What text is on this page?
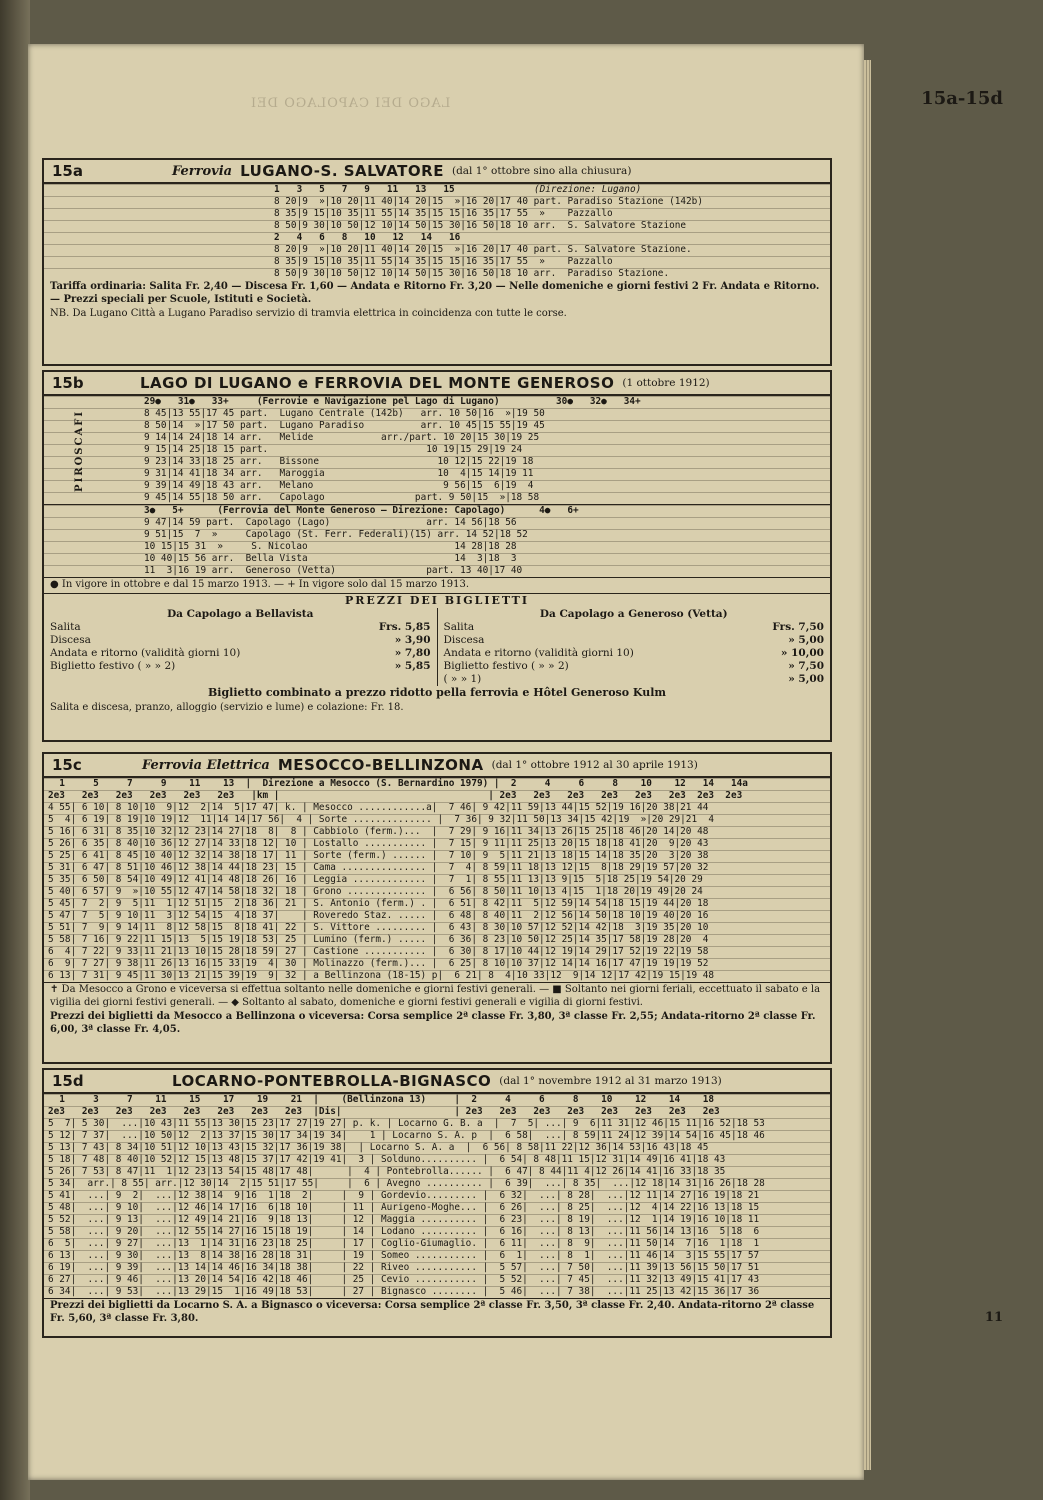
LAGO DEI CAPOLAGO DEI	15a-15d
15a	Ferrovia LUGANO-S. SALVATORE (dal 1° ottobre sino alla chiusura)
1   3   5   7   9   11   13   15	(Direzione: Lugano)
8 20|9  »|10 20|11 40|14 20|15  »|16 20|17 40 part. Paradiso Stazione (142b)
8 35|9 15|10 35|11 55|14 35|15 15|16 35|17 55  »    Pazzallo
8 50|9 30|10 50|12 10|14 50|15 30|16 50|18 10 arr.  S. Salvatore Stazione
2   4   6   8   10   12   14   16
8 20|9  »|10 20|11 40|14 20|15  »|16 20|17 40 part. S. Salvatore Stazione.
8 35|9 15|10 35|11 55|14 35|15 15|16 35|17 55  »    Pazzallo
8 50|9 30|10 50|12 10|14 50|15 30|16 50|18 10 arr.  Paradiso Stazione.
Tariffa ordinaria: Salita Fr. 2,40 — Discesa Fr. 1,60 — Andata e Ritorno Fr. 3,20 — Nelle domeniche e giorni festivi 2 Fr. Andata e Ritorno. — Prezzi speciali per Scuole, Istituti e Società.
NB. Da Lugano Città a Lugano Paradiso servizio di tramvia elettrica in coincidenza con tutte le corse.
15b	LAGO DI LUGANO e FERROVIA DEL MONTE GENEROSO (1 ottobre 1912)
29●   31●   33+     (Ferrovie e Navigazione pel Lago di Lugano)          30●   32●   34+
8 45|13 55|17 45 part.  Lugano Centrale (142b)   arr. 10 50|16  »|19 50
8 50|14  »|17 50 part.  Lugano Paradiso          arr. 10 45|15 55|19 45
9 14|14 24|18 14 arr.   Melide            arr./part. 10 20|15 30|19 25
9 15|14 25|18 15 part.                            10 19|15 29|19 24
9 23|14 33|18 25 arr.   Bissone                     10 12|15 22|19 18
9 31|14 41|18 34 arr.   Maroggia                    10  4|15 14|19 11
9 39|14 49|18 43 arr.   Melano                       9 56|15  6|19  4
9 45|14 55|18 50 arr.   Capolago                part. 9 50|15  »|18 58
PIROSCAFI
3●   5+      (Ferrovia del Monte Generoso — Direzione: Capolago)      4●   6+
9 47|14 59 part.  Capolago (Lago)                 arr. 14 56|18 56
9 51|15  7  »     Capolago (St. Ferr. Federali)(15) arr. 14 52|18 52
10 15|15 31  »     S. Nicolao                          14 28|18 28
10 40|15 56 arr.  Bella Vista                          14  3|18  3
11  3|16 19 arr.  Generoso (Vetta)                part. 13 40|17 40
● In vigore in ottobre e dal 15 marzo 1913. — + In vigore solo dal 15 marzo 1913.
PREZZI DEI BIGLIETTI
Da Capolago a Bellavista
Salita	Frs. 5,85
Discesa	» 3,90
Andata e ritorno (validità giorni 10)	» 7,80
Biglietto festivo ( » » 2)	» 5,85
Da Capolago a Generoso (Vetta)
Salita	Frs. 7,50
Discesa	» 5,00
Andata e ritorno (validità giorni 10)	» 10,00
Biglietto festivo ( » » 2)	» 7,50
( » » 1)	» 5,00
Biglietto combinato a prezzo ridotto pella ferrovia e Hôtel Generoso Kulm
Salita e discesa, pranzo, alloggio (servizio e lume) e colazione: Fr. 18.
15c	Ferrovia Elettrica MESOCCO-BELLINZONA (dal 1° ottobre 1912 al 30 aprile 1913)
1     5     7     9    11    13  |  Direzione a Mesocco (S. Bernardino 1979) |  2     4     6     8    10    12   14   14a
2e3   2e3   2e3   2e3   2e3   2e3   |km |                                     | 2e3   2e3   2e3   2e3   2e3   2e3  2e3  2e3
4 55| 6 10| 8 10|10  9|12  2|14  5|17 47| k. | Mesocco ............a|  7 46| 9 42|11 59|13 44|15 52|19 16|20 38|21 44
5  4| 6 19| 8 19|10 19|12  11|14 14|17 56|  4 | Sorte .............. |  7 36| 9 32|11 50|13 34|15 42|19  »|20 29|21  4
5 16| 6 31| 8 35|10 32|12 23|14 27|18  8|  8 | Cabbiolo (ferm.)...  |  7 29| 9 16|11 34|13 26|15 25|18 46|20 14|20 48
5 26| 6 35| 8 40|10 36|12 27|14 33|18 12| 10 | Lostallo ........... |  7 15| 9 11|11 25|13 20|15 18|18 41|20  9|20 43
5 25| 6 41| 8 45|10 40|12 32|14 38|18 17| 11 | Sorte (ferm.) ...... |  7 10| 9  5|11 21|13 18|15 14|18 35|20  3|20 38
5 31| 6 47| 8 51|10 46|12 38|14 44|18 23| 15 | Cama ............... |  7  4| 8 59|11 18|13 12|15  8|18 29|19 57|20 32
5 35| 6 50| 8 54|10 49|12 41|14 48|18 26| 16 | Leggia ............. |  7  1| 8 55|11 13|13 9|15  5|18 25|19 54|20 29
5 40| 6 57| 9  »|10 55|12 47|14 58|18 32| 18 | Grono .............. |  6 56| 8 50|11 10|13 4|15  1|18 20|19 49|20 24
5 45| 7  2| 9  5|11  1|12 51|15  2|18 36| 21 | S. Antonio (ferm.) . |  6 51| 8 42|11  5|12 59|14 54|18 15|19 44|20 18
5 47| 7  5| 9 10|11  3|12 54|15  4|18 37|    | Roveredo Staz. ..... |  6 48| 8 40|11  2|12 56|14 50|18 10|19 40|20 16
5 51| 7  9| 9 14|11  8|12 58|15  8|18 41| 22 | S. Vittore ......... |  6 43| 8 30|10 57|12 52|14 42|18  3|19 35|20 10
5 58| 7 16| 9 22|11 15|13  5|15 19|18 53| 25 | Lumino (ferm.) ..... |  6 36| 8 23|10 50|12 25|14 35|17 58|19 28|20  4
6  4| 7 22| 9 33|11 21|13 10|15 28|18 59| 27 | Castione ........... |  6 30| 8 17|10 44|12 19|14 29|17 52|19 22|19 58
6  9| 7 27| 9 38|11 26|13 16|15 33|19  4| 30 | Molinazzo (ferm.)... |  6 25| 8 10|10 37|12 14|14 16|17 47|19 19|19 52
6 13| 7 31| 9 45|11 30|13 21|15 39|19  9| 32 | a Bellinzona (18-15) p|  6 21| 8  4|10 33|12  9|14 12|17 42|19 15|19 48
✝ Da Mesocco a Grono e viceversa si effettua soltanto nelle domeniche e giorni festivi generali. — ■ Soltanto nei giorni feriali, eccettuato il sabato e la vigilia dei giorni festivi generali. — ◆ Soltanto al sabato, domeniche e giorni festivi generali e vigilia di giorni festivi.
Prezzi dei biglietti da Mesocco a Bellinzona o viceversa: Corsa semplice 2ª classe Fr. 3,80, 3ª classe Fr. 2,55; Andata-ritorno 2ª classe Fr. 6,00, 3ª classe Fr. 4,05.
15d	LOCARNO-PONTEBROLLA-BIGNASCO (dal 1° novembre 1912 al 31 marzo 1913)
1     3     7    11    15    17    19    21  |    (Bellinzona 13)     |  2     4     6     8    10    12    14    18
2e3   2e3   2e3   2e3   2e3   2e3   2e3   2e3  |Dis|                    | 2e3   2e3   2e3   2e3   2e3   2e3   2e3   2e3
5  7| 5 30|  ...|10 43|11 55|13 30|15 23|17 27|19 27| p. k. | Locarno G. B. a  |  7  5| ...| 9  6|11 31|12 46|15 11|16 52|18 53
5 12| 7 37|  ...|10 50|12  2|13 37|15 30|17 34|19 34|    1 | Locarno S. A. p  |  6 58|  ...| 8 59|11 24|12 39|14 54|16 45|18 46
5 13| 7 43| 8 34|10 51|12 10|13 43|15 32|17 36|19 38|  | Locarno S. A. a  |  6 56| 8 58|11 22|12 36|14 53|16 43|18 45
5 18| 7 48| 8 40|10 52|12 15|13 48|15 37|17 42|19 41|  3 | Solduno.......... |  6 54| 8 48|11 15|12 31|14 49|16 41|18 43
5 26| 7 53| 8 47|11  1|12 23|13 54|15 48|17 48|      |  4 | Pontebrolla...... |  6 47| 8 44|11 4|12 26|14 41|16 33|18 35
5 34|  arr.| 8 55| arr.|12 30|14  2|15 51|17 55|     |  6 | Avegno .......... |  6 39|  ...| 8 35|  ...|12 18|14 31|16 26|18 28
5 41|  ...| 9  2|  ...|12 38|14  9|16  1|18  2|     |  9 | Gordevio......... |  6 32|  ...| 8 28|  ...|12 11|14 27|16 19|18 21
5 48|  ...| 9 10|  ...|12 46|14 17|16  6|18 10|     | 11 | Aurigeno-Moghe... |  6 26|  ...| 8 25|  ...|12  4|14 22|16 13|18 15
5 52|  ...| 9 13|  ...|12 49|14 21|16  9|18 13|     | 12 | Maggia .......... |  6 23|  ...| 8 19|  ...|12  1|14 19|16 10|18 11
5 58|  ...| 9 20|  ...|12 55|14 27|16 15|18 19|     | 14 | Lodano .......... |  6 16|  ...| 8 13|  ...|11 56|14 13|16  5|18  6
6  5|  ...| 9 27|  ...|13  1|14 31|16 23|18 25|     | 17 | Coglio-Giumaglio. |  6 11|  ...| 8  9|  ...|11 50|14  7|16  1|18  1
6 13|  ...| 9 30|  ...|13  8|14 38|16 28|18 31|     | 19 | Someo ........... |  6  1|  ...| 8  1|  ...|11 46|14  3|15 55|17 57
6 19|  ...| 9 39|  ...|13 14|14 46|16 34|18 38|     | 22 | Riveo ........... |  5 57|  ...| 7 50|  ...|11 39|13 56|15 50|17 51
6 27|  ...| 9 46|  ...|13 20|14 54|16 42|18 46|     | 25 | Cevio ........... |  5 52|  ...| 7 45|  ...|11 32|13 49|15 41|17 43
6 34|  ...| 9 53|  ...|13 29|15  1|16 49|18 53|     | 27 | Bignasco ........ |  5 46|  ...| 7 38|  ...|11 25|13 42|15 36|17 36
Prezzi dei biglietti da Locarno S. A. a Bignasco o viceversa: Corsa semplice 2ª classe Fr. 3,50, 3ª classe Fr. 2,40. Andata-ritorno 2ª classe Fr. 5,60, 3ª classe Fr. 3,80.	11
